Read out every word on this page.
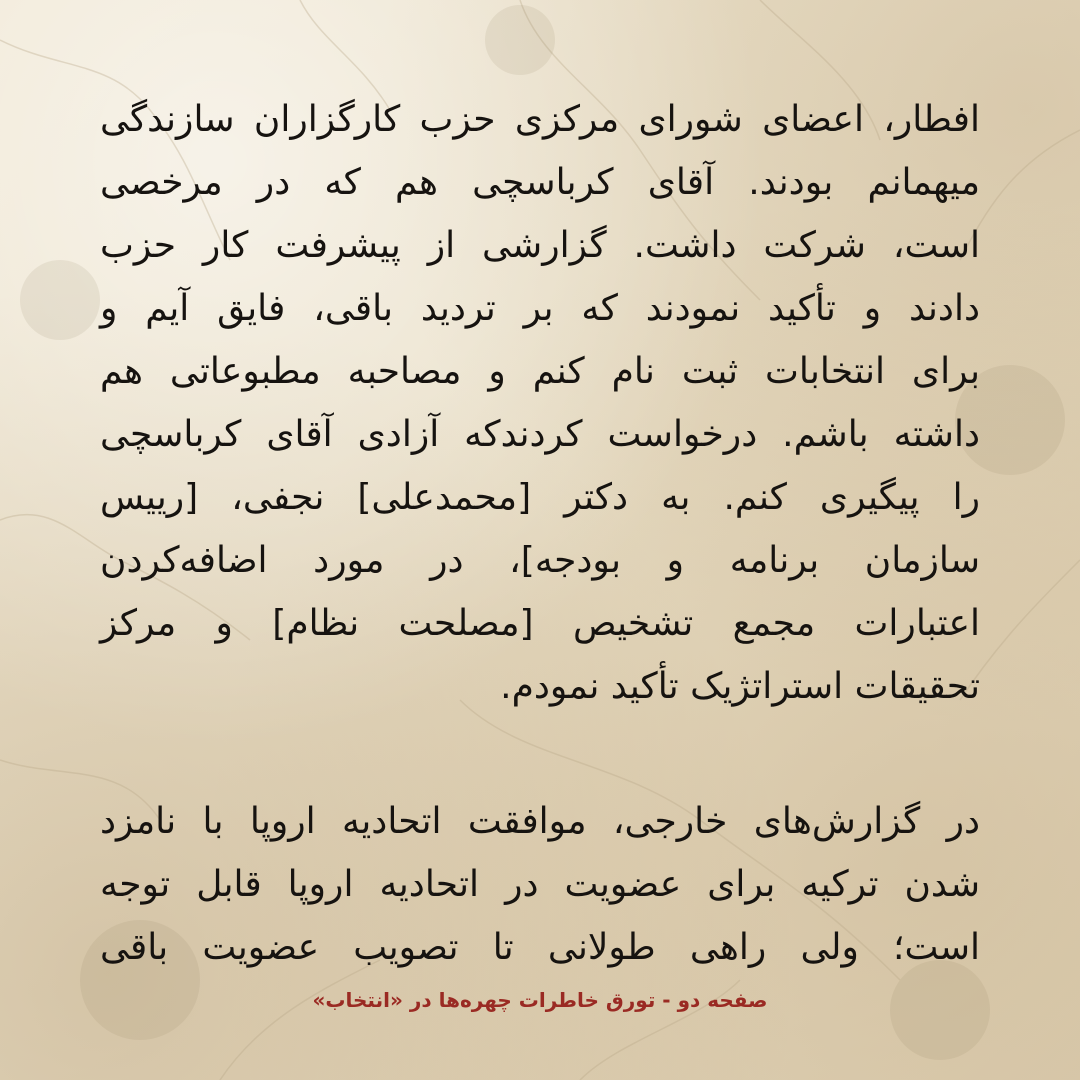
افطار، اعضای شورای مرکزی حزب کارگزاران سازندگی
میهمانم بودند. آقای کرباسچی هم که در مرخصی
است، شرکت داشت. گزارشی از پیشرفت کار حزب
دادند و تأکید نمودند که بر تردید باقی، فایق آیم و
برای انتخابات ثبت نام کنم و مصاحبه مطبوعاتی هم
داشته باشم. درخواست کردندکه آزادی آقای کرباسچی
را پیگیری کنم. به دکتر [محمدعلی] نجفی، [رییس
سازمان برنامه و بودجه]، در مورد اضافه‌کردن
اعتبارات مجمع تشخیص [مصلحت نظام] و مرکز
تحقیقات استراتژیک تأکید نمودم.
در گزارش‌های خارجی، موافقت اتحادیه اروپا با نامزد
شدن ترکیه برای عضویت در اتحادیه اروپا قابل توجه
است؛ ولی راهی طولانی تا تصویب عضویت باقی
صفحه دو - تورق خاطرات چهره‌ها در «انتخاب»
